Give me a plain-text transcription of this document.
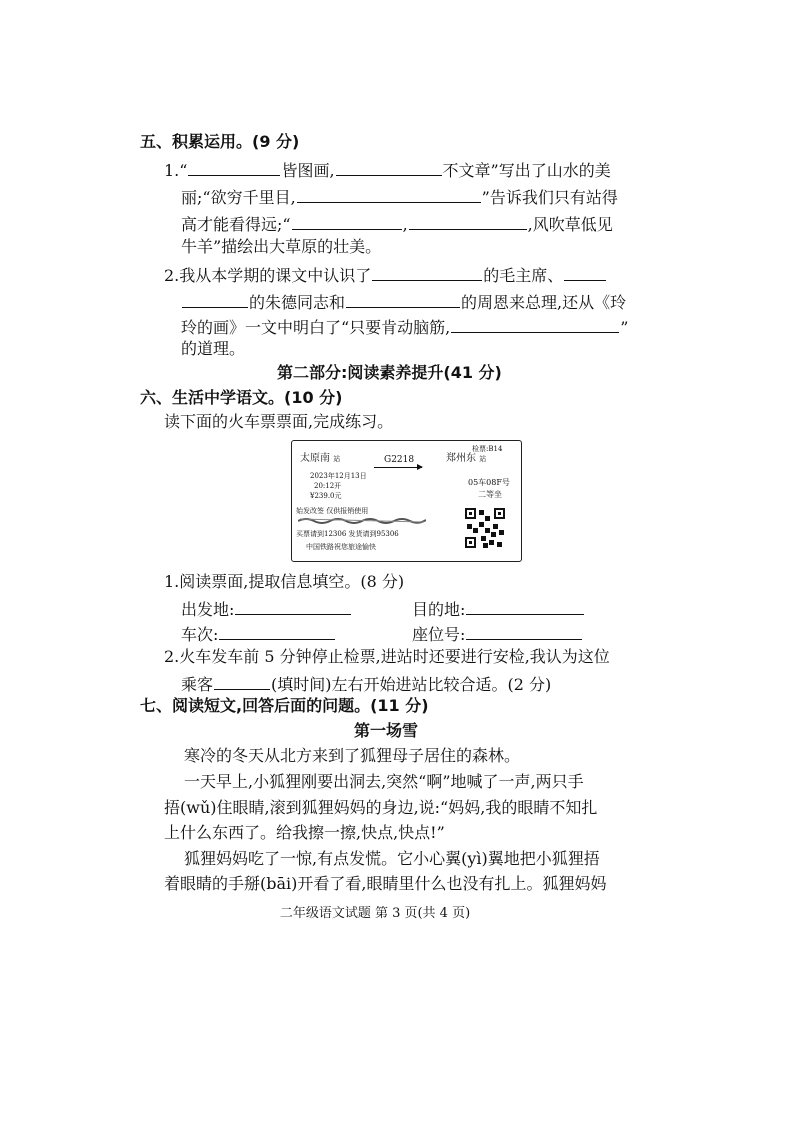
五、积累运用。(9 分)
1.“	皆图画,	不文章”写出了山水的美
丽;“欲穷千里目,	”告诉我们只有站得
高才能看得远;“	,	,风吹草低见
牛羊”描绘出大草原的壮美。
2.我从本学期的课文中认识了	的毛主席、
的朱德同志和	的周恩来总理,还从《玲
玲的画》一文中明白了“只要肯动脑筋,	”
的道理。
第二部分:阅读素养提升(41 分)
六、生活中学语文。(10 分)
读下面的火车票票面,完成练习。
检票:B14
太原南 站	G2218	郑州东 站
2023年12月13日
20:12开
¥239.0元
05车08F号
二等坐
始发改签 仅供报销使用
买票请到12306 发货请到95306
中国铁路祝您旅途愉快
1.阅读票面,提取信息填空。(8 分)
出发地:	目的地:
车次:	座位号:
2.火车发车前 5 分钟停止检票,进站时还要进行安检,我认为这位
乘客	(填时间)左右开始进站比较合适。(2 分)
七、阅读短文,回答后面的问题。(11 分)
第一场雪
寒冷的冬天从北方来到了狐狸母子居住的森林。
一天早上,小狐狸刚要出洞去,突然“啊”地喊了一声,两只手
捂(wǔ)住眼睛,滚到狐狸妈妈的身边,说:“妈妈,我的眼睛不知扎
上什么东西了。给我擦一擦,快点,快点!”
狐狸妈妈吃了一惊,有点发慌。它小心翼(yì)翼地把小狐狸捂
着眼睛的手掰(bāi)开看了看,眼睛里什么也没有扎上。狐狸妈妈
二年级语文试题 第 3 页(共 4 页)
